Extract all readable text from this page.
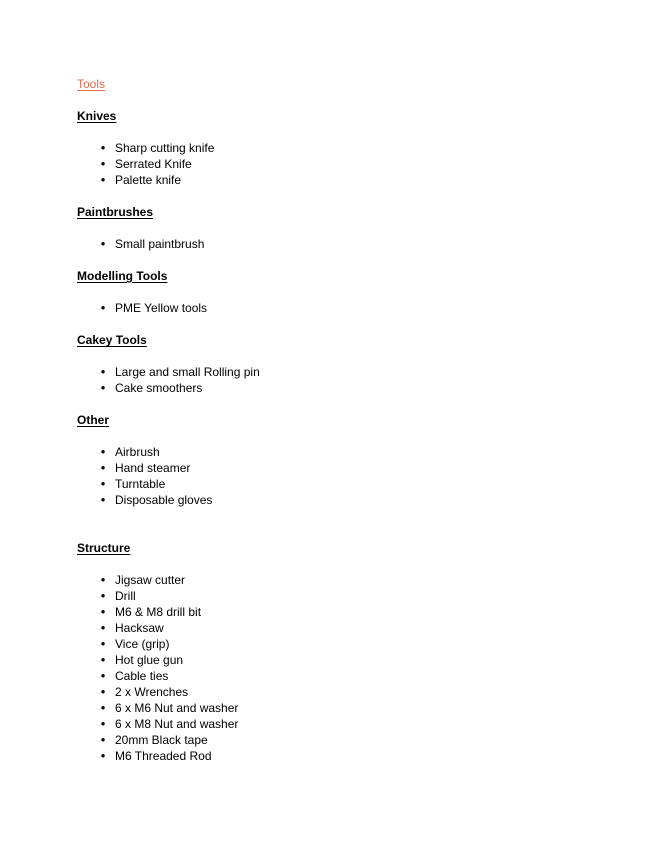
Tools
Knives
● Sharp cutting knife
● Serrated Knife
● Palette knife
Paintbrushes
● Small paintbrush
Modelling Tools
● PME Yellow tools
Cakey Tools
● Large and small Rolling pin
● Cake smoothers
Other
● Airbrush
● Hand steamer
● Turntable
● Disposable gloves
Structure
● Jigsaw cutter
● Drill
● M6 & M8 drill bit
● Hacksaw
● Vice (grip)
● Hot glue gun
● Cable ties
● 2 x Wrenches
● 6 x M6 Nut and washer
● 6 x M8 Nut and washer
● 20mm Black tape
● M6 Threaded Rod
